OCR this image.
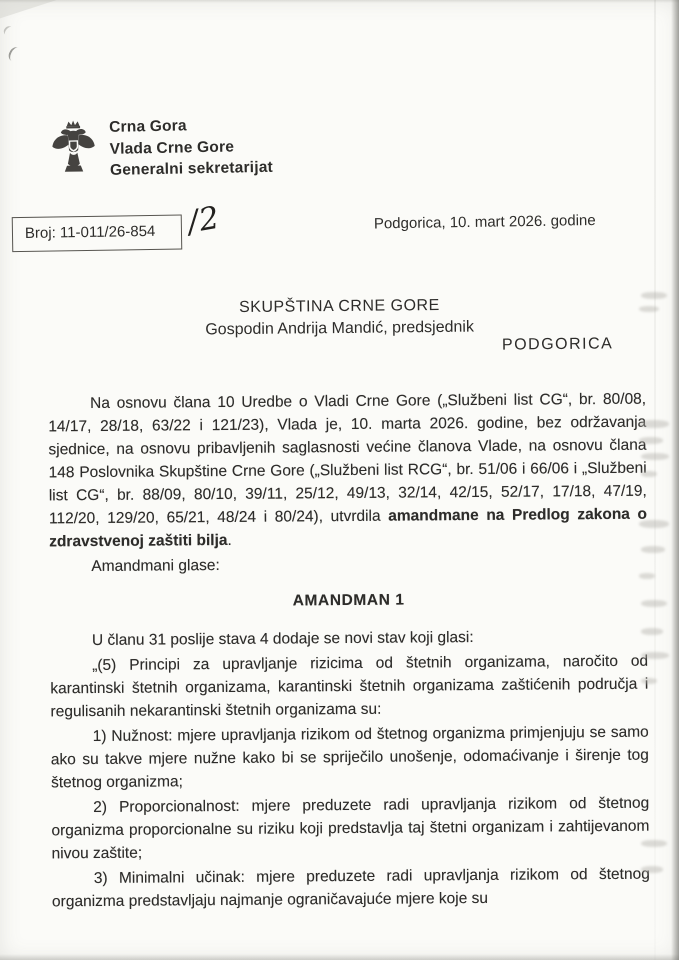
Crna Gora
Vlada Crne Gore
Generalni sekretarijat
Broj: 11-011/26-854 /2	Podgorica, 10. mart 2026. godine
SKUPŠTINA CRNE GORE
Gospodin Andrija Mandić, predsjednik
PODGORICA

Na osnovu člana 10 Uredbe o Vladi Crne Gore („Službeni list CG“, br. 80/08, 14/17, 28/18, 63/22 i 121/23), Vlada je, 10. marta 2026. godine, bez održavanja sjednice, na osnovu pribavljenih saglasnosti većine članova Vlade, na osnovu člana 148 Poslovnika Skupštine Crne Gore („Službeni list RCG“, br. 51/06 i 66/06 i „Službeni list CG“, br. 88/09, 80/10, 39/11, 25/12, 49/13, 32/14, 42/15, 52/17, 17/18, 47/19, 112/20, 129/20, 65/21, 48/24 i 80/24), utvrdila amandmane na Predlog zakona o zdravstvenoj zaštiti bilja.

Amandmani glase:

AMANDMAN 1

U članu 31 poslije stava 4 dodaje se novi stav koji glasi:

„(5) Principi za upravljanje rizicima od štetnih organizama, naročito od karantinski štetnih organizama, karantinski štetnih organizama zaštićenih područja i regulisanih nekarantinski štetnih organizama su:

1) Nužnost: mjere upravljanja rizikom od štetnog organizma primjenjuju se samo ako su takve mjere nužne kako bi se spriječilo unošenje, odomaćivanje i širenje tog štetnog organizma;

2) Proporcionalnost: mjere preduzete radi upravljanja rizikom od štetnog organizma proporcionalne su riziku koji predstavlja taj štetni organizam i zahtijevanom nivou zaštite;

3) Minimalni učinak: mjere preduzete radi upravljanja rizikom od štetnog organizma predstavljaju najmanje ograničavajuće mjere koje su
